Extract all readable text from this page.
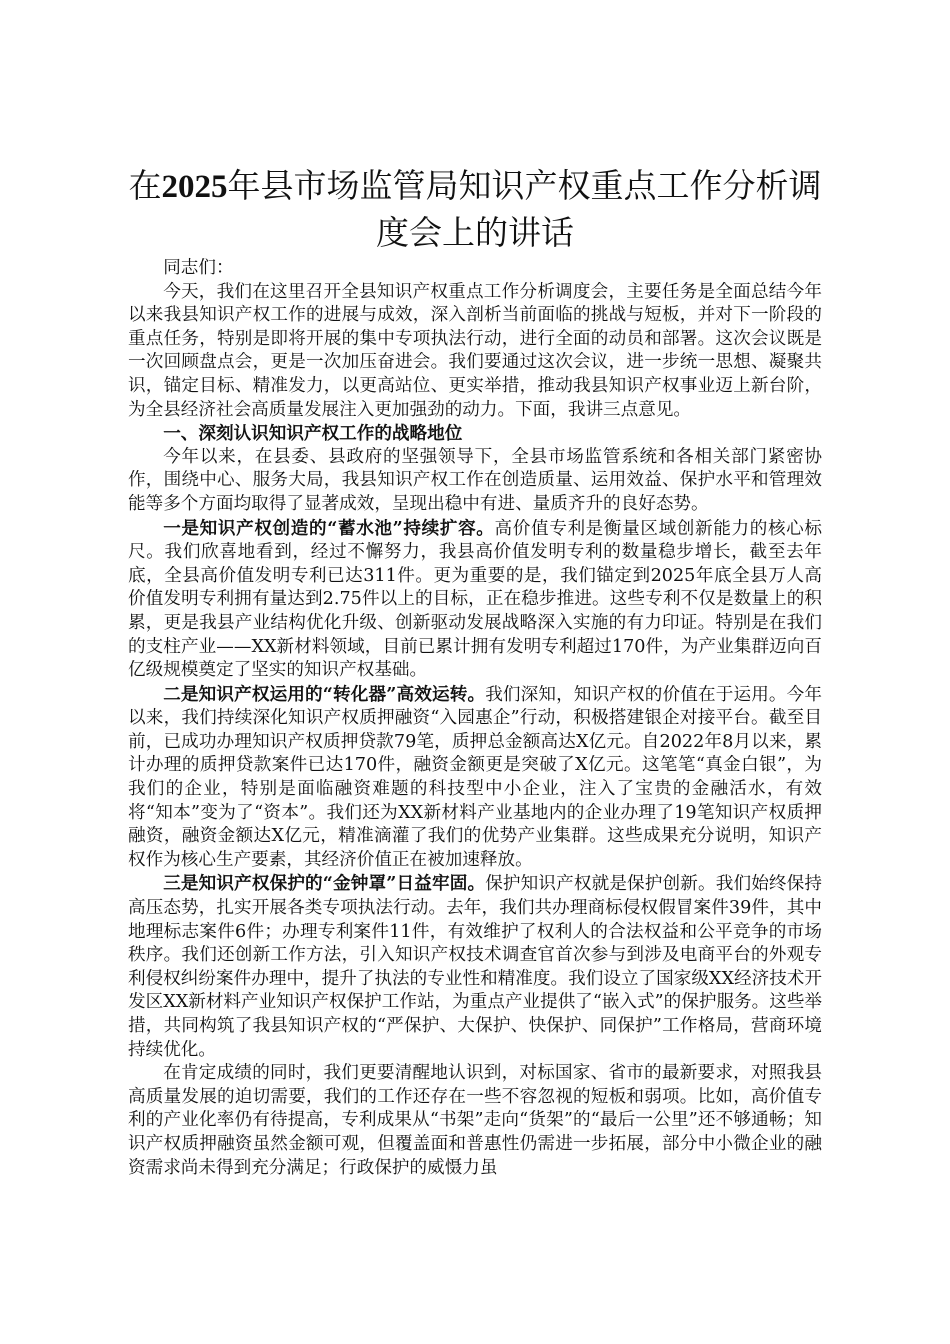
在2025年县市场监管局知识产权重点工作分析调度会上的讲话

同志们：

今天，我们在这里召开全县知识产权重点工作分析调度会，主要任务是全面总结今年以来我县知识产权工作的进展与成效，深入剖析当前面临的挑战与短板，并对下一阶段的重点任务，特别是即将开展的集中专项执法行动，进行全面的动员和部署。这次会议既是一次回顾盘点会，更是一次加压奋进会。我们要通过这次会议，进一步统一思想、凝聚共识，锚定目标、精准发力，以更高站位、更实举措，推动我县知识产权事业迈上新台阶，为全县经济社会高质量发展注入更加强劲的动力。下面，我讲三点意见。

一、深刻认识知识产权工作的战略地位

今年以来，在县委、县政府的坚强领导下，全县市场监管系统和各相关部门紧密协作，围绕中心、服务大局，我县知识产权工作在创造质量、运用效益、保护水平和管理效能等多个方面均取得了显著成效，呈现出稳中有进、量质齐升的良好态势。

一是知识产权创造的“蓄水池”持续扩容。高价值专利是衡量区域创新能力的核心标尺。我们欣喜地看到，经过不懈努力，我县高价值发明专利的数量稳步增长，截至去年底，全县高价值发明专利已达311件。更为重要的是，我们锚定到2025年底全县万人高价值发明专利拥有量达到2.75件以上的目标，正在稳步推进。这些专利不仅是数量上的积累，更是我县产业结构优化升级、创新驱动发展战略深入实施的有力印证。特别是在我们的支柱产业——XX新材料领域，目前已累计拥有发明专利超过170件，为产业集群迈向百亿级规模奠定了坚实的知识产权基础。

二是知识产权运用的“转化器”高效运转。我们深知，知识产权的价值在于运用。今年以来，我们持续深化知识产权质押融资“入园惠企”行动，积极搭建银企对接平台。截至目前，已成功办理知识产权质押贷款79笔，质押总金额高达X亿元。自2022年8月以来，累计办理的质押贷款案件已达170件，融资金额更是突破了X亿元。这笔笔“真金白银”，为我们的企业，特别是面临融资难题的科技型中小企业，注入了宝贵的金融活水，有效将“知本”变为了“资本”。我们还为XX新材料产业基地内的企业办理了19笔知识产权质押融资，融资金额达X亿元，精准滴灌了我们的优势产业集群。这些成果充分说明，知识产权作为核心生产要素，其经济价值正在被加速释放。

三是知识产权保护的“金钟罩”日益牢固。保护知识产权就是保护创新。我们始终保持高压态势，扎实开展各类专项执法行动。去年，我们共办理商标侵权假冒案件39件，其中地理标志案件6件；办理专利案件11件，有效维护了权利人的合法权益和公平竞争的市场秩序。我们还创新工作方法，引入知识产权技术调查官首次参与到涉及电商平台的外观专利侵权纠纷案件办理中，提升了执法的专业性和精准度。我们设立了国家级XX经济技术开发区XX新材料产业知识产权保护工作站，为重点产业提供了“嵌入式”的保护服务。这些举措，共同构筑了我县知识产权的“严保护、大保护、快保护、同保护”工作格局，营商环境持续优化。

在肯定成绩的同时，我们更要清醒地认识到，对标国家、省市的最新要求，对照我县高质量发展的迫切需要，我们的工作还存在一些不容忽视的短板和弱项。比如，高价值专利的产业化率仍有待提高，专利成果从“书架”走向“货架”的“最后一公里”还不够通畅；知识产权质押融资虽然金额可观，但覆盖面和普惠性仍需进一步拓展，部分中小微企业的融资需求尚未得到充分满足；行政保护的威慑力虽
